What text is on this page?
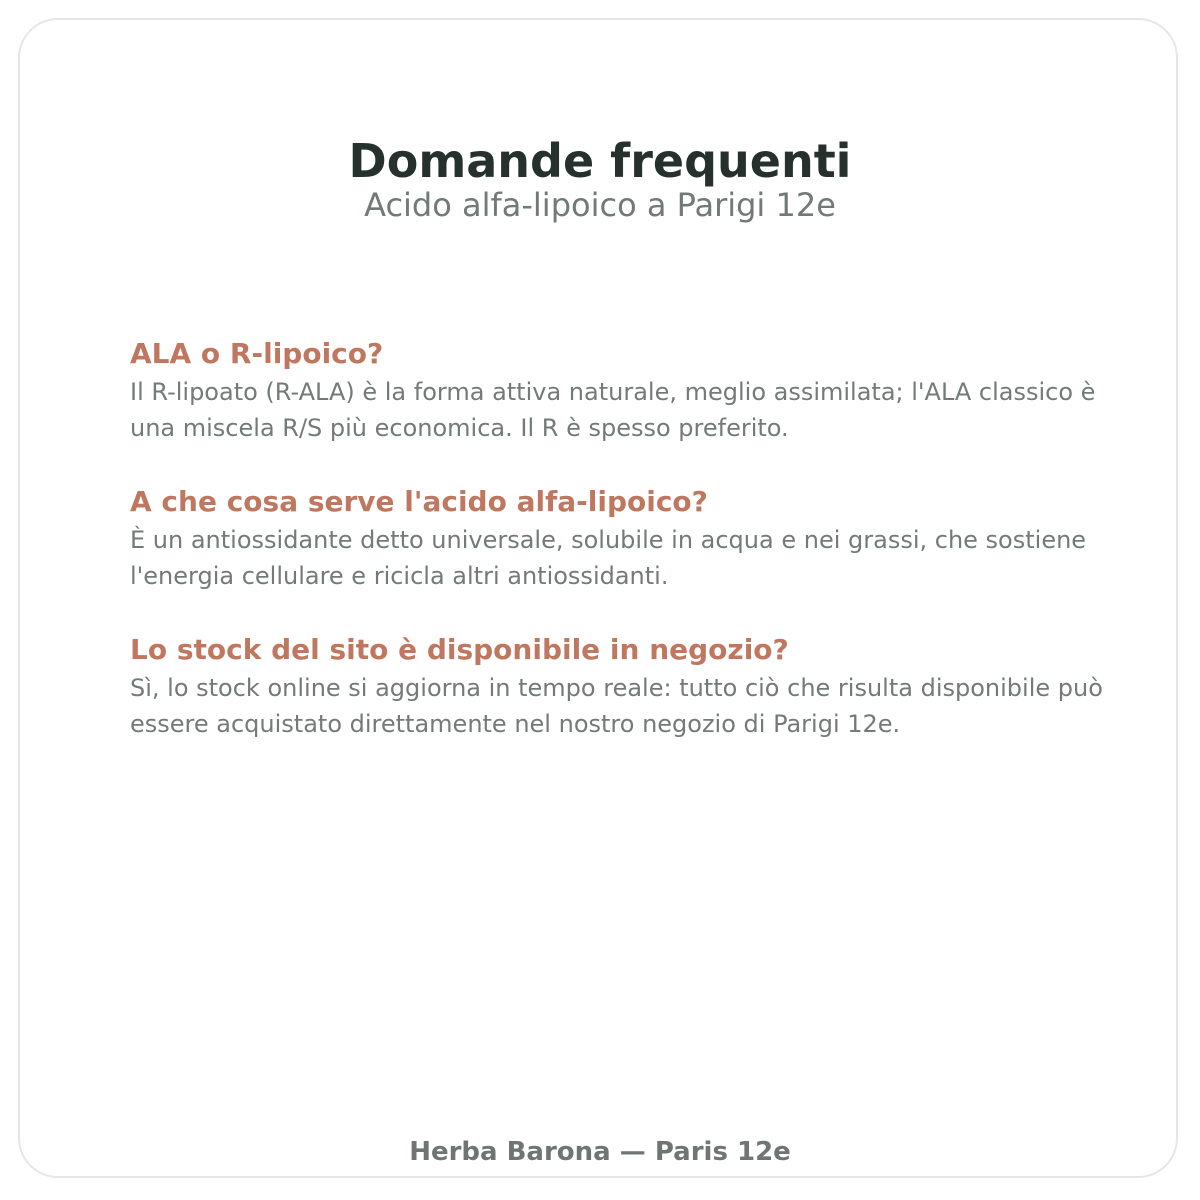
Domande frequenti
Acido alfa-lipoico a Parigi 12e
ALA o R-lipoico?

Il R-lipoato (R-ALA) è la forma attiva naturale, meglio assimilata; l'ALA classico è una miscela R/S più economica. Il R è spesso preferito.

A che cosa serve l'acido alfa-lipoico?

È un antiossidante detto universale, solubile in acqua e nei grassi, che sostiene l'energia cellulare e ricicla altri antiossidanti.

Lo stock del sito è disponibile in negozio?

Sì, lo stock online si aggiorna in tempo reale: tutto ciò che risulta disponibile può essere acquistato direttamente nel nostro negozio di Parigi 12e.

Herba Barona — Paris 12e
